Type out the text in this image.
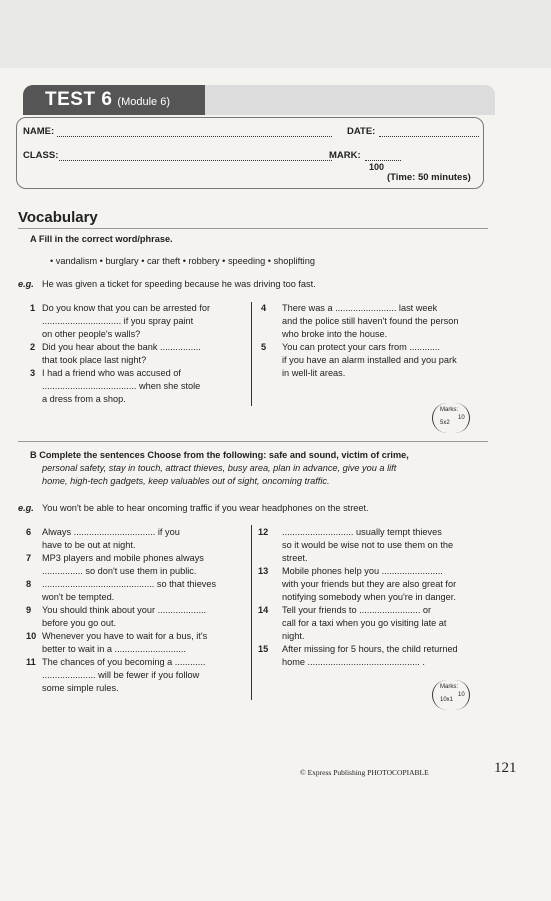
TEST 6 (Module 6)
NAME:	DATE:
CLASS:	MARK:
100
(Time: 50 minutes)
Vocabulary
A Fill in the correct word/phrase.
• vandalism • burglary • car theft • robbery • speeding • shoplifting
e.g. He was given a ticket for speeding because he was driving too fast.
1 Do you know that you can be arrested for
............................... if you spray paint
on other people's walls?
2 Did you hear about the bank ................
that took place last night?
3 I had a friend who was accused of
..................................... when she stole
a dress from a shop.
4 There was a ........................ last week
and the police still haven't found the person
who broke into the house.
5 You can protect your cars from ............
if you have an alarm installed and you park
in well-lit areas.
Marks:
5x2
10
B Complete the sentences Choose from the following: safe and sound, victim of crime,
personal safety, stay in touch, attract thieves, busy area, plan in advance, give you a lift
home, high-tech gadgets, keep valuables out of sight, oncoming traffic.
e.g. You won't be able to hear oncoming traffic if you wear headphones on the street.
6 Always ................................ if you
have to be out at night.
7 MP3 players and mobile phones always
................ so don't use them in public.
8 ............................................ so that thieves
won't be tempted.
9 You should think about your ...................
before you go out.
10 Whenever you have to wait for a bus, it's
better to wait in a ............................
11 The chances of you becoming a ............
..................... will be fewer if you follow
some simple rules.
12 ............................ usually tempt thieves
so it would be wise not to use them on the
street.
13 Mobile phones help you ........................
with your friends but they are also great for
notifying somebody when you're in danger.
14 Tell your friends to ........................ or
call for a taxi when you go visiting late at
night.
15 After missing for 5 hours, the child returned
home ............................................ .
Marks:
10x1
10
© Express Publishing PHOTOCOPIABLE	121
